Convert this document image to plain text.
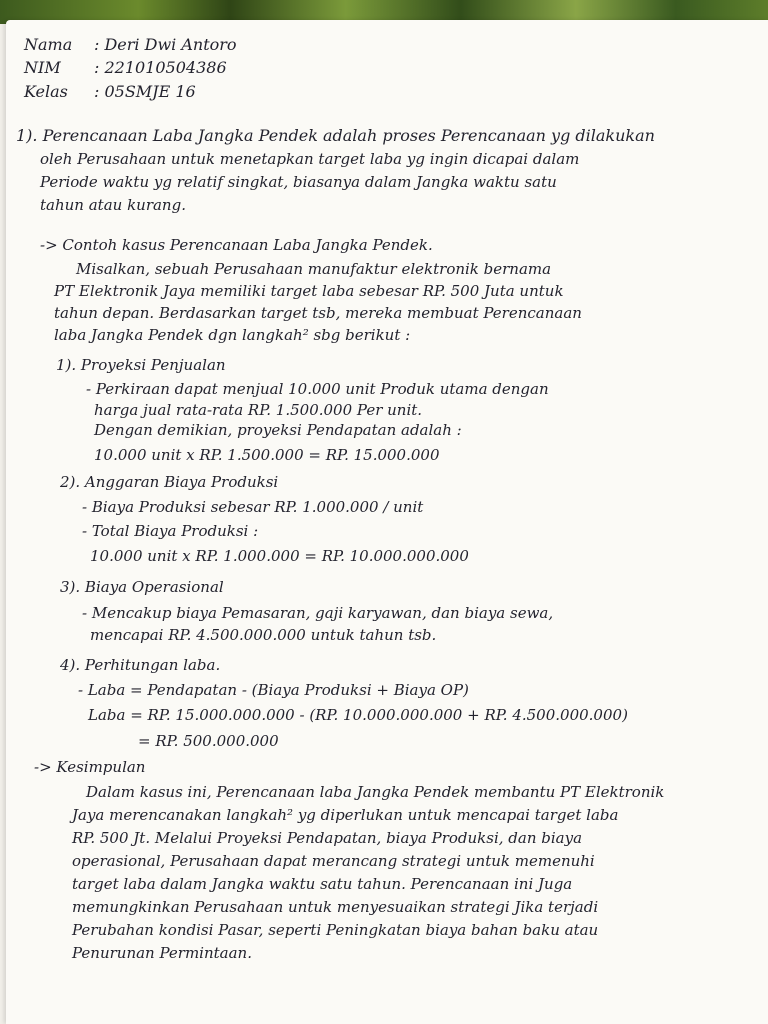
Nama : Deri Dwi Antoro
NIM : 221010504386
Kelas : 05SMJE 16
1). Perencanaan Laba Jangka Pendek adalah proses Perencanaan yg dilakukan
oleh Perusahaan untuk menetapkan target laba yg ingin dicapai dalam
Periode waktu yg relatif singkat, biasanya dalam Jangka waktu satu
tahun atau kurang.
-> Contoh kasus Perencanaan Laba Jangka Pendek.
Misalkan, sebuah Perusahaan manufaktur elektronik bernama
PT Elektronik Jaya memiliki target laba sebesar RP. 500 Juta untuk
tahun depan. Berdasarkan target tsb, mereka membuat Perencanaan
laba Jangka Pendek dgn langkah² sbg berikut :
1). Proyeksi Penjualan
- Perkiraan dapat menjual 10.000 unit Produk utama dengan
harga jual rata-rata RP. 1.500.000 Per unit.
Dengan demikian, proyeksi Pendapatan adalah :
10.000 unit x RP. 1.500.000 = RP. 15.000.000
2). Anggaran Biaya Produksi
- Biaya Produksi sebesar RP. 1.000.000 / unit
- Total Biaya Produksi :
10.000 unit x RP. 1.000.000 = RP. 10.000.000.000
3). Biaya Operasional
- Mencakup biaya Pemasaran, gaji karyawan, dan biaya sewa,
mencapai RP. 4.500.000.000 untuk tahun tsb.
4). Perhitungan laba.
- Laba = Pendapatan - (Biaya Produksi + Biaya OP)
Laba = RP. 15.000.000.000 - (RP. 10.000.000.000 + RP. 4.500.000.000)
= RP. 500.000.000
-> Kesimpulan
Dalam kasus ini, Perencanaan laba Jangka Pendek membantu PT Elektronik
Jaya merencanakan langkah² yg diperlukan untuk mencapai target laba
RP. 500 Jt. Melalui Proyeksi Pendapatan, biaya Produksi, dan biaya
operasional, Perusahaan dapat merancang strategi untuk memenuhi
target laba dalam Jangka waktu satu tahun. Perencanaan ini Juga
memungkinkan Perusahaan untuk menyesuaikan strategi Jika terjadi
Perubahan kondisi Pasar, seperti Peningkatan biaya bahan baku atau
Penurunan Permintaan.
